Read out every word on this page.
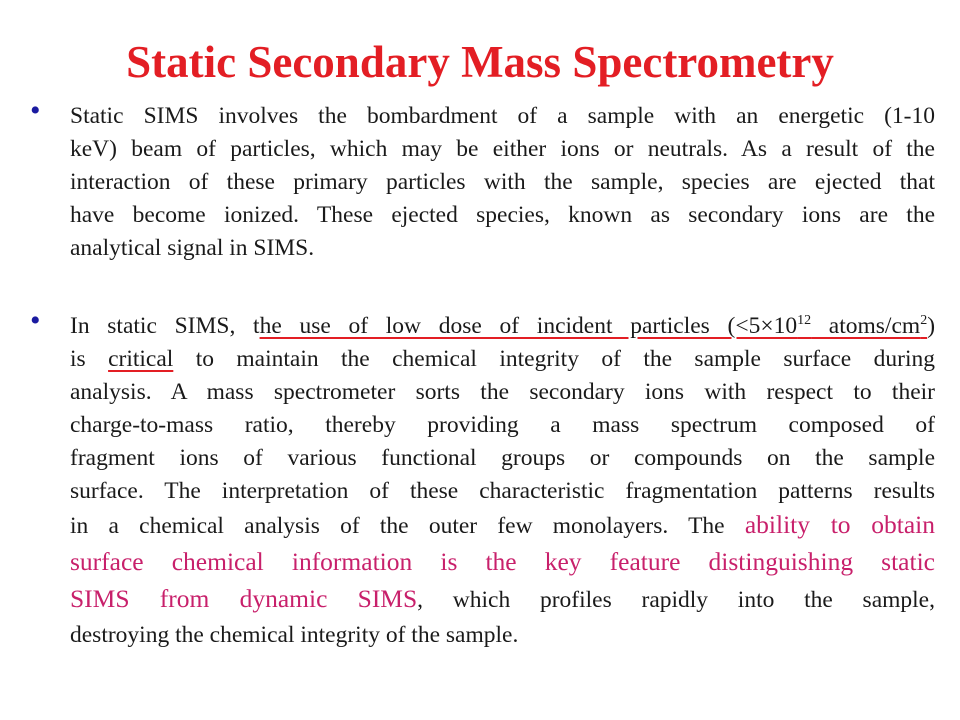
Static Secondary Mass Spectrometry
• Static SIMS involves the bombardment of a sample with an energetic (1-10
keV) beam of particles, which may be either ions or neutrals. As a result of the
interaction of these primary particles with the sample, species are ejected that
have become ionized. These ejected species, known as secondary ions are the
analytical signal in SIMS.
• In static SIMS, the use of low dose of incident particles ($<5\times 10^{12}$ atoms/$cm^2$)
is critical to maintain the chemical integrity of the sample surface during
analysis. A mass spectrometer sorts the secondary ions with respect to their
charge-to-mass ratio, thereby providing a mass spectrum composed of
fragment ions of various functional groups or compounds on the sample
surface. The interpretation of these characteristic fragmentation patterns results
in a chemical analysis of the outer few monolayers. The ability to obtain
surface chemical information is the key feature distinguishing static
SIMS from dynamic SIMS, which profiles rapidly into the sample,
destroying the chemical integrity of the sample.
